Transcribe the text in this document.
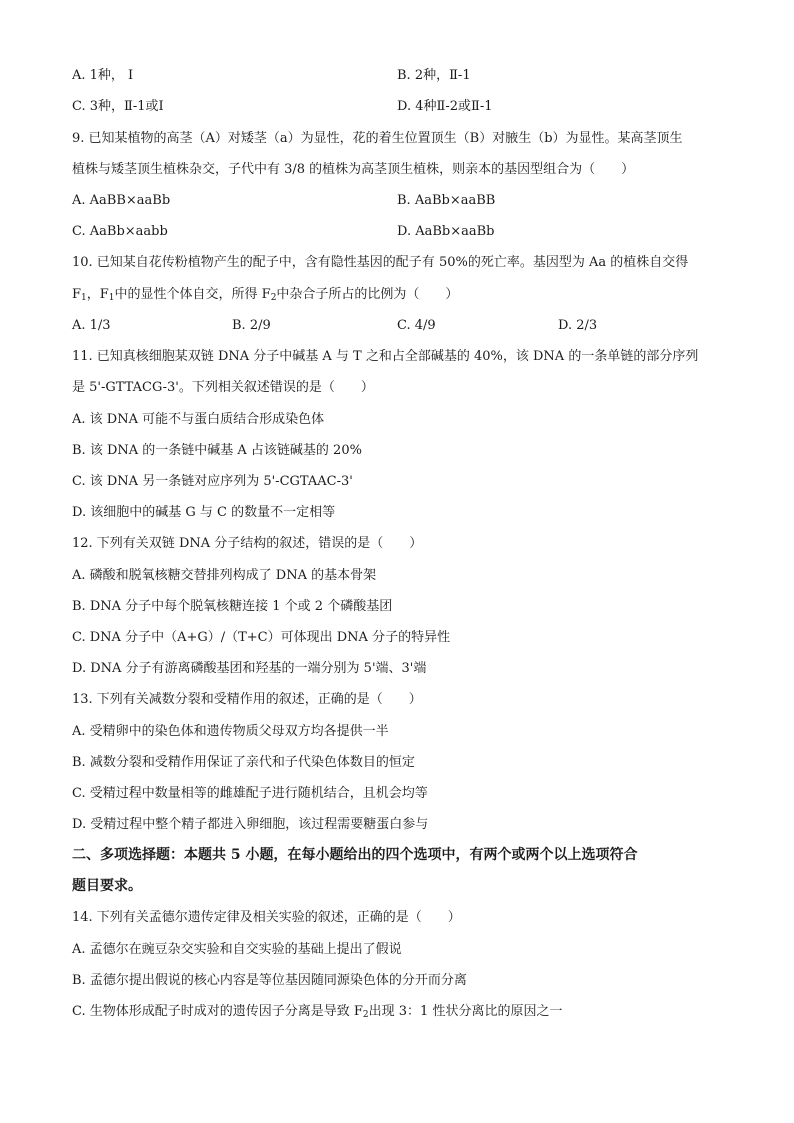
A. 1种， Ⅰ	B. 2种，Ⅱ-1
C. 3种，Ⅱ-1或Ⅰ	D. 4种Ⅱ-2或Ⅱ-1
9. 已知某植物的高茎（A）对矮茎（a）为显性，花的着生位置顶生（B）对腋生（b）为显性。某高茎顶生
植株与矮茎顶生植株杂交，子代中有 3/8 的植株为高茎顶生植株，则亲本的基因型组合为（　　）
A. AaBB×aaBb	B. AaBb×aaBB
C. AaBb×aabb	D. AaBb×aaBb
10. 已知某自花传粉植物产生的配子中，含有隐性基因的配子有 50%的死亡率。基因型为 Aa 的植株自交得
$F_1$，$F_1$中的显性个体自交，所得 $F_2$中杂合子所占的比例为（　　）
A. 1/3	B. 2/9	C. 4/9	D. 2/3
11. 已知真核细胞某双链 DNA 分子中碱基 A 与 T 之和占全部碱基的 40%，该 DNA 的一条单链的部分序列
是 5'-GTTACG-3'。下列相关叙述错误的是（　　）
A. 该 DNA 可能不与蛋白质结合形成染色体
B. 该 DNA 的一条链中碱基 A 占该链碱基的 20%
C. 该 DNA 另一条链对应序列为 5'-CGTAAC-3'
D. 该细胞中的碱基 G 与 C 的数量不一定相等
12. 下列有关双链 DNA 分子结构的叙述，错误的是（　　）
A. 磷酸和脱氧核糖交替排列构成了 DNA 的基本骨架
B. DNA 分子中每个脱氧核糖连接 1 个或 2 个磷酸基团
C. DNA 分子中（A+G）/（T+C）可体现出 DNA 分子的特异性
D. DNA 分子有游离磷酸基团和羟基的一端分别为 5'端、3'端
13. 下列有关减数分裂和受精作用的叙述，正确的是（　　）
A. 受精卵中的染色体和遗传物质父母双方均各提供一半
B. 减数分裂和受精作用保证了亲代和子代染色体数目的恒定
C. 受精过程中数量相等的雌雄配子进行随机结合，且机会均等
D. 受精过程中整个精子都进入卵细胞，该过程需要糖蛋白参与
二、多项选择题：本题共 5 小题，在每小题给出的四个选项中，有两个或两个以上选项符合
题目要求。
14. 下列有关孟德尔遗传定律及相关实验的叙述，正确的是（　　）
A. 孟德尔在豌豆杂交实验和自交实验的基础上提出了假说
B. 孟德尔提出假说的核心内容是等位基因随同源染色体的分开而分离
C. 生物体形成配子时成对的遗传因子分离是导致 $F_2$出现 3：1 性状分离比的原因之一
